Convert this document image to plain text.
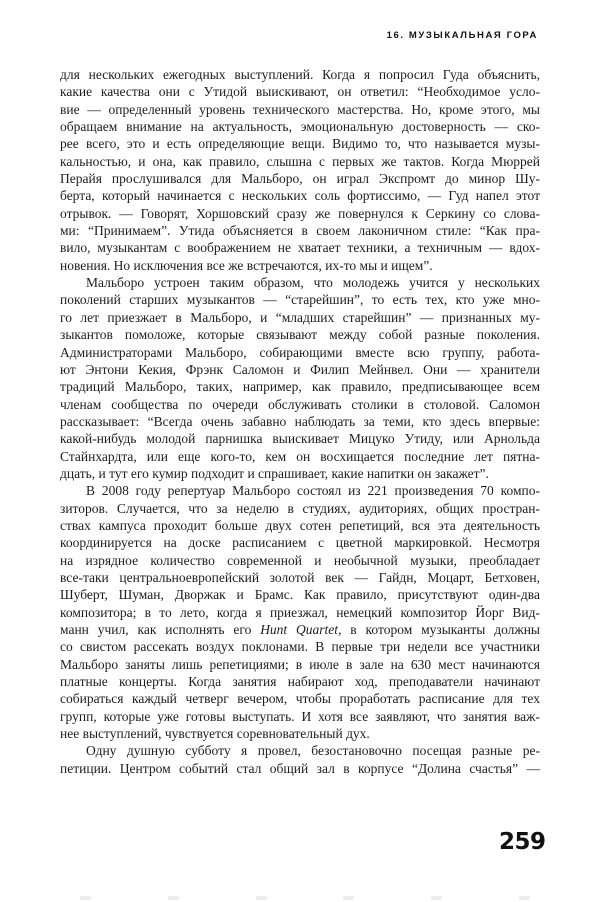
16. МУЗЫКАЛЬНАЯ ГОРА
для нескольких ежегодных выступлений. Когда я попросил Гуда объяснить,
какие качества они с Утидой выискивают, он ответил: “Необходимое усло-
вие — определенный уровень технического мастерства. Но, кроме этого, мы
обращаем внимание на актуальность, эмоциональную достоверность — ско-
рее всего, это и есть определяющие вещи. Видимо то, что называется музы-
кальностью, и она, как правило, слышна с первых же тактов. Когда Мюррей
Перайя прослушивался для Мальборо, он играл Экспромт до минор Шу-
берта, который начинается с нескольких соль фортиссимо, — Гуд напел этот
отрывок. — Говорят, Хоршовский сразу же повернулся к Серкину со слова-
ми: “Принимаем”. Утида объясняется в своем лаконичном стиле: “Как пра-
вило, музыкантам с воображением не хватает техники, а техничным — вдох-
новения. Но исключения все же встречаются, их-то мы и ищем”.
Мальборо устроен таким образом, что молодежь учится у нескольких
поколений старших музыкантов — “старейшин”, то есть тех, кто уже мно-
го лет приезжает в Мальборо, и “младших старейшин” — признанных му-
зыкантов помоложе, которые связывают между собой разные поколения.
Администраторами Мальборо, собирающими вместе всю группу, работа-
ют Энтони Кекия, Фрэнк Саломон и Филип Мейнвел. Они — хранители
традиций Мальборо, таких, например, как правило, предписывающее всем
членам сообщества по очереди обслуживать столики в столовой. Саломон
рассказывает: “Всегда очень забавно наблюдать за теми, кто здесь впервые:
какой-нибудь молодой парнишка выискивает Мицуко Утиду, или Арнольда
Стайнхардта, или еще кого-то, кем он восхищается последние лет пятна-
дцать, и тут его кумир подходит и спрашивает, какие напитки он закажет”.
В 2008 году репертуар Мальборо состоял из 221 произведения 70 компо-
зиторов. Случается, что за неделю в студиях, аудиториях, общих простран-
ствах кампуса проходит больше двух сотен репетиций, вся эта деятельность
координируется на доске расписанием с цветной маркировкой. Несмотря
на изрядное количество современной и необычной музыки, преобладает
все-таки центральноевропейский золотой век — Гайдн, Моцарт, Бетховен,
Шуберт, Шуман, Дворжак и Брамс. Как правило, присутствуют один-два
композитора; в то лето, когда я приезжал, немецкий композитор Йорг Вид-
манн учил, как исполнять его Hunt Quartet, в котором музыканты должны
со свистом рассекать воздух поклонами. В первые три недели все участники
Мальборо заняты лишь репетициями; в июле в зале на 630 мест начинаются
платные концерты. Когда занятия набирают ход, преподаватели начинают
собираться каждый четверг вечером, чтобы проработать расписание для тех
групп, которые уже готовы выступать. И хотя все заявляют, что занятия важ-
нее выступлений, чувствуется соревновательный дух.
Одну душную субботу я провел, безостановочно посещая разные ре-
петиции. Центром событий стал общий зал в корпусе “Долина счастья” —
259
